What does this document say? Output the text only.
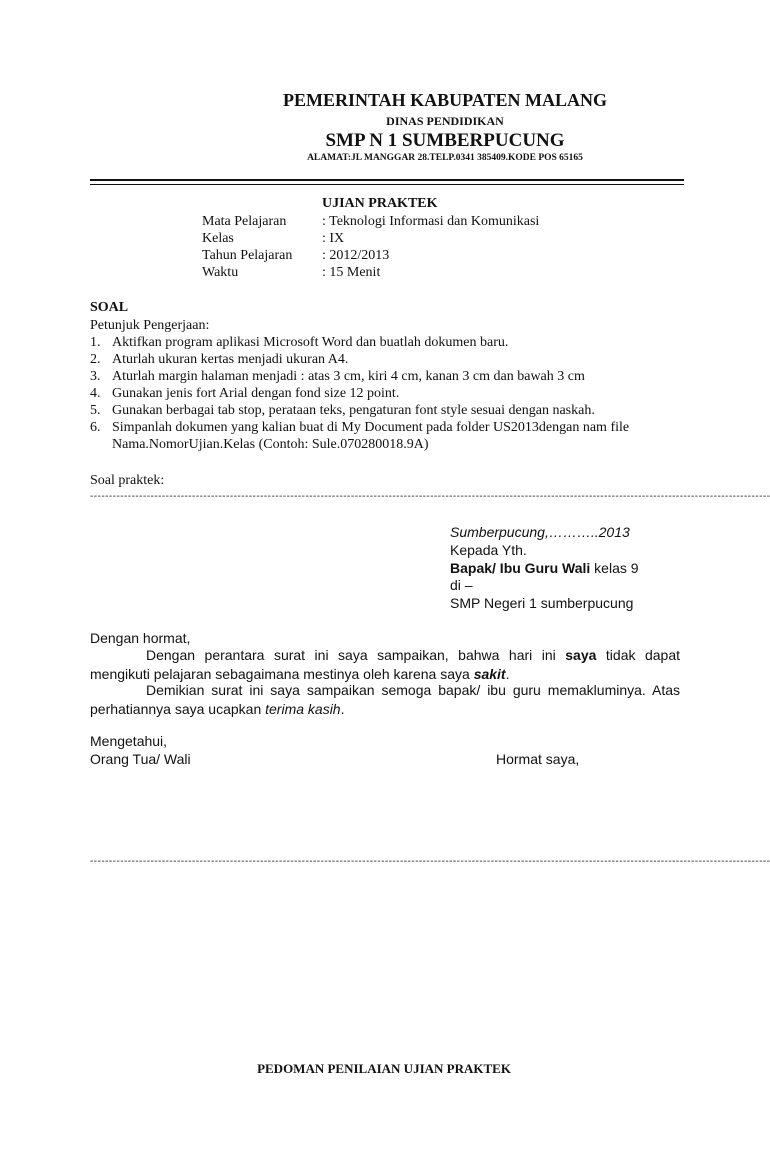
PEMERINTAH KABUPATEN MALANG
DINAS PENDIDIKAN
SMP N 1 SUMBERPUCUNG
ALAMAT:JL MANGGAR 28.TELP.0341 385409.KODE POS 65165
UJIAN PRAKTEK
Mata Pelajaran	: Teknologi Informasi dan Komunikasi
Kelas	: IX
Tahun Pelajaran : 2012/2013
Waktu	: 15 Menit
SOAL
Petunjuk Pengerjaan:
1. Aktifkan program aplikasi Microsoft Word dan buatlah dokumen baru.
2. Aturlah ukuran kertas menjadi ukuran A4.
3. Aturlah margin halaman menjadi : atas 3 cm, kiri 4 cm, kanan 3 cm dan bawah 3 cm
4. Gunakan jenis fort Arial dengan fond size 12 point.
5. Gunakan berbagai tab stop, perataan teks, pengaturan font style sesuai dengan naskah.
6. Simpanlah dokumen yang kalian buat di My Document pada folder US2013dengan nam file
Nama.NomorUjian.Kelas (Contoh: Sule.070280018.9A)
Soal praktek:
------------------------------------------------------------------------------------------------------------------------------------------------------------------------------------
Sumberpucung,………..2013
Kepada Yth.
Bapak/ Ibu Guru Wali kelas 9
di –
SMP Negeri 1 sumberpucung
Dengan hormat,
Dengan perantara surat ini saya sampaikan, bahwa hari ini saya tidak dapat mengikuti pelajaran sebagaimana mestinya oleh karena saya sakit.
Demikian surat ini saya sampaikan semoga bapak/ ibu guru memakluminya. Atas perhatiannya saya ucapkan terima kasih.
Mengetahui,
Orang Tua/ Wali	Hormat saya,
------------------------------------------------------------------------------------------------------------------------------------------------------------------------------------
PEDOMAN PENILAIAN UJIAN PRAKTEK
